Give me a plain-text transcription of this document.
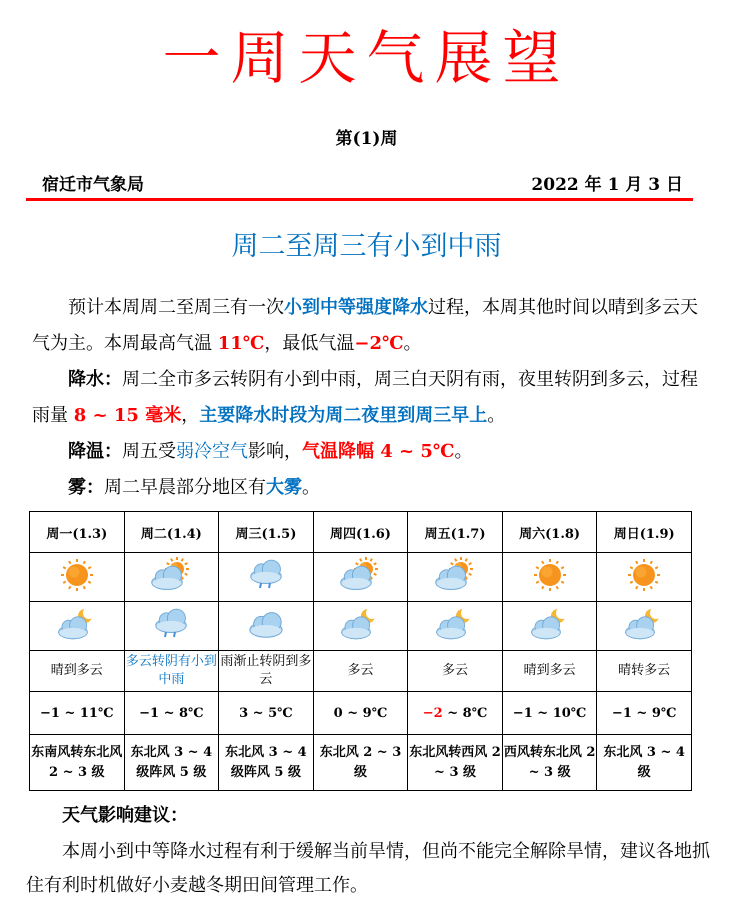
一周天气展望
第(1)周
宿迁市气象局	2022 年 1 月 3 日
周二至周三有小到中雨
预计本周周二至周三有一次小到中等强度降水过程，本周其他时间以晴到多云天气为主。本周最高气温 11℃，最低气温−2℃。
降水：周二全市多云转阴有小到中雨，周三白天阴有雨，夜里转阴到多云，过程雨量 8 ~ 15 毫米，主要降水时段为周二夜里到周三早上。
降温：周五受弱冷空气影响，气温降幅 4 ~ 5℃。
雾：周二早晨部分地区有大雾。
周一(1.3)	周二(1.4)	周三(1.5)	周四(1.6)	周五(1.7)	周六(1.8)	周日(1.9)

晴到多云	多云转阴有小到中雨	雨渐止转阴到多云	多云	多云	晴到多云	晴转多云
−1 ~ 11℃	−1 ~ 8℃	3 ~ 5℃	0 ~ 9℃	−2 ~ 8℃	−1 ~ 10℃	−1 ~ 9℃
东南风转东北风 2 ~ 3 级	东北风 3 ~ 4 级阵风 5 级	东北风 3 ~ 4 级阵风 5 级	东北风 2 ~ 3 级	东北风转西风 2 ~ 3 级	西风转东北风 2 ~ 3 级	东北风 3 ~ 4 级
天气影响建议：
本周小到中等降水过程有利于缓解当前旱情，但尚不能完全解除旱情，建议各地抓住有利时机做好小麦越冬期田间管理工作。
